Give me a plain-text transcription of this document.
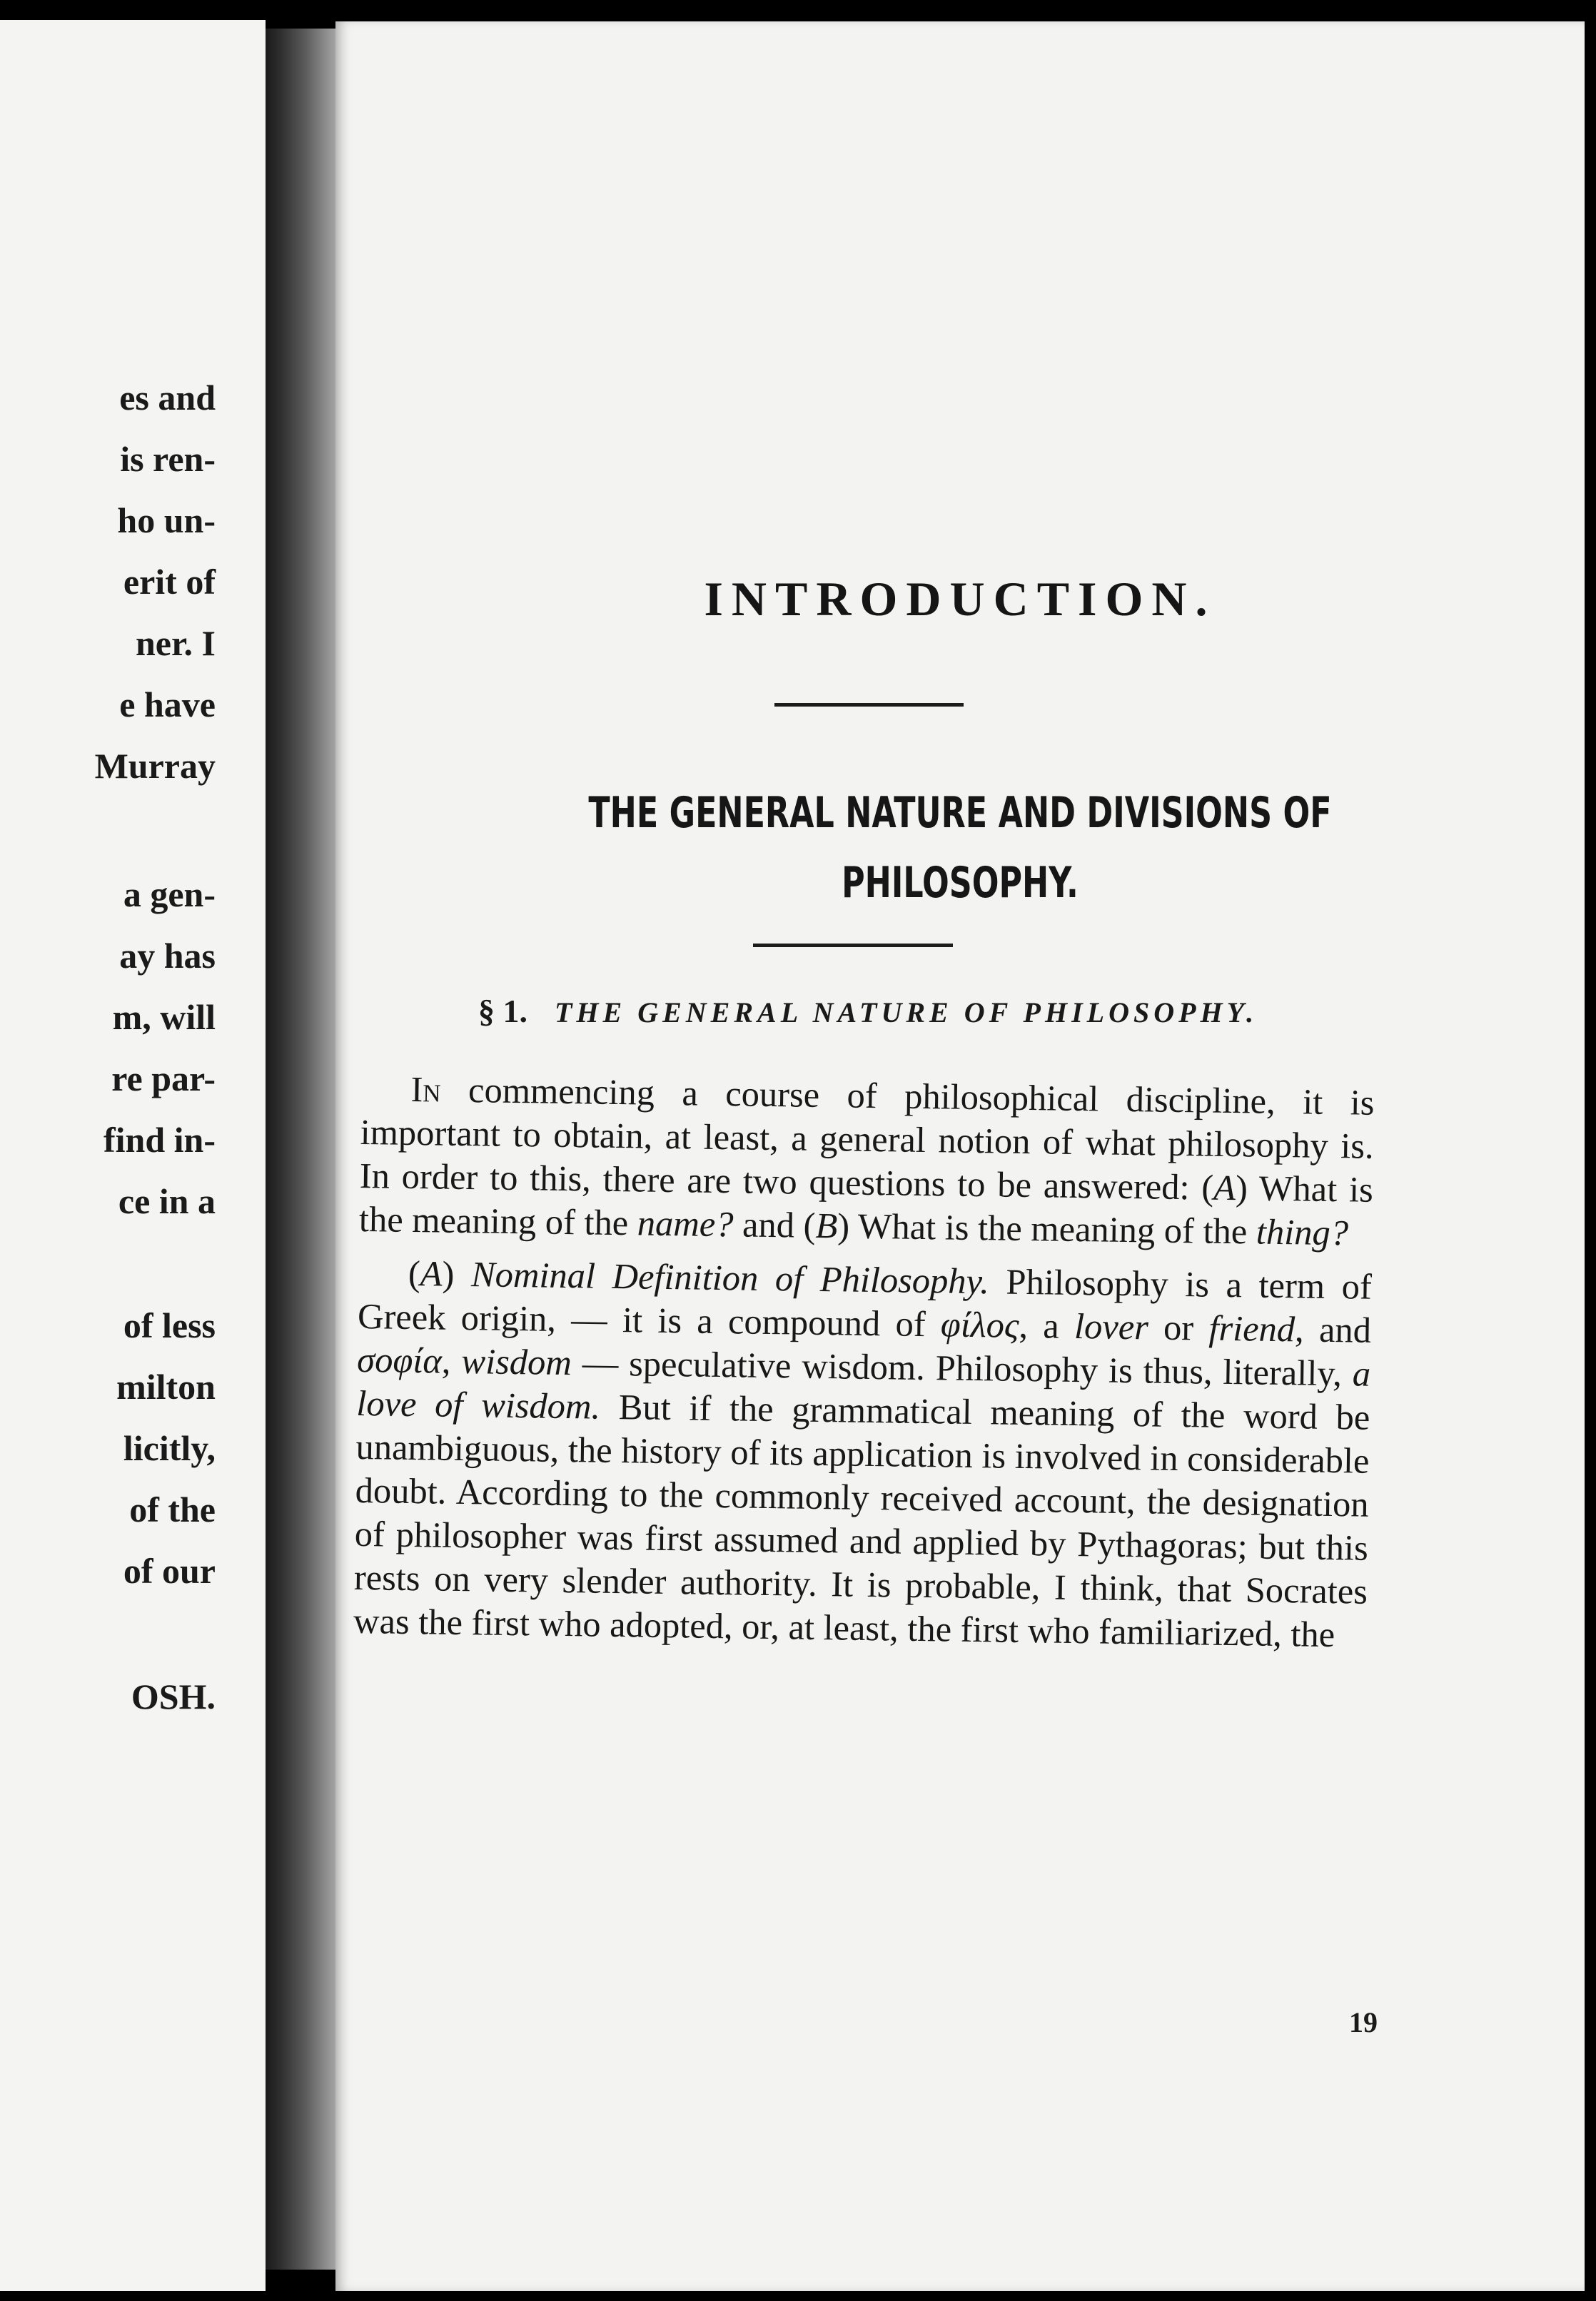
es and
is ren-
ho un-
erit of
ner. I
e have
Murray
a gen-
ay has
m, will
re par-
find in-
ce in a
of less
milton
licitly,
of the
of our
OSH.
INTRODUCTION.
THE GENERAL NATURE AND DIVISIONS OF
PHILOSOPHY.
§ 1. THE GENERAL NATURE OF PHILOSOPHY.

In commencing a course of philosophical discipline, it is important to obtain, at least, a general notion of what philosophy is. In order to this, there are two questions to be answered: (A) What is the meaning of the name? and (B) What is the meaning of the thing?

(A) Nominal Definition of Philosophy. Philosophy is a term of Greek origin, — it is a compound of φίλος, a lover or friend, and σοφία, wisdom — speculative wisdom. Philosophy is thus, literally, a love of wisdom. But if the grammatical meaning of the word be unambiguous, the history of its application is involved in considerable doubt. According to the commonly received account, the designation of philosopher was first assumed and applied by Pythagoras; but this rests on very slender authority. It is probable, I think, that Socrates was the first who adopted, or, at least, the first who familiarized, the

19
